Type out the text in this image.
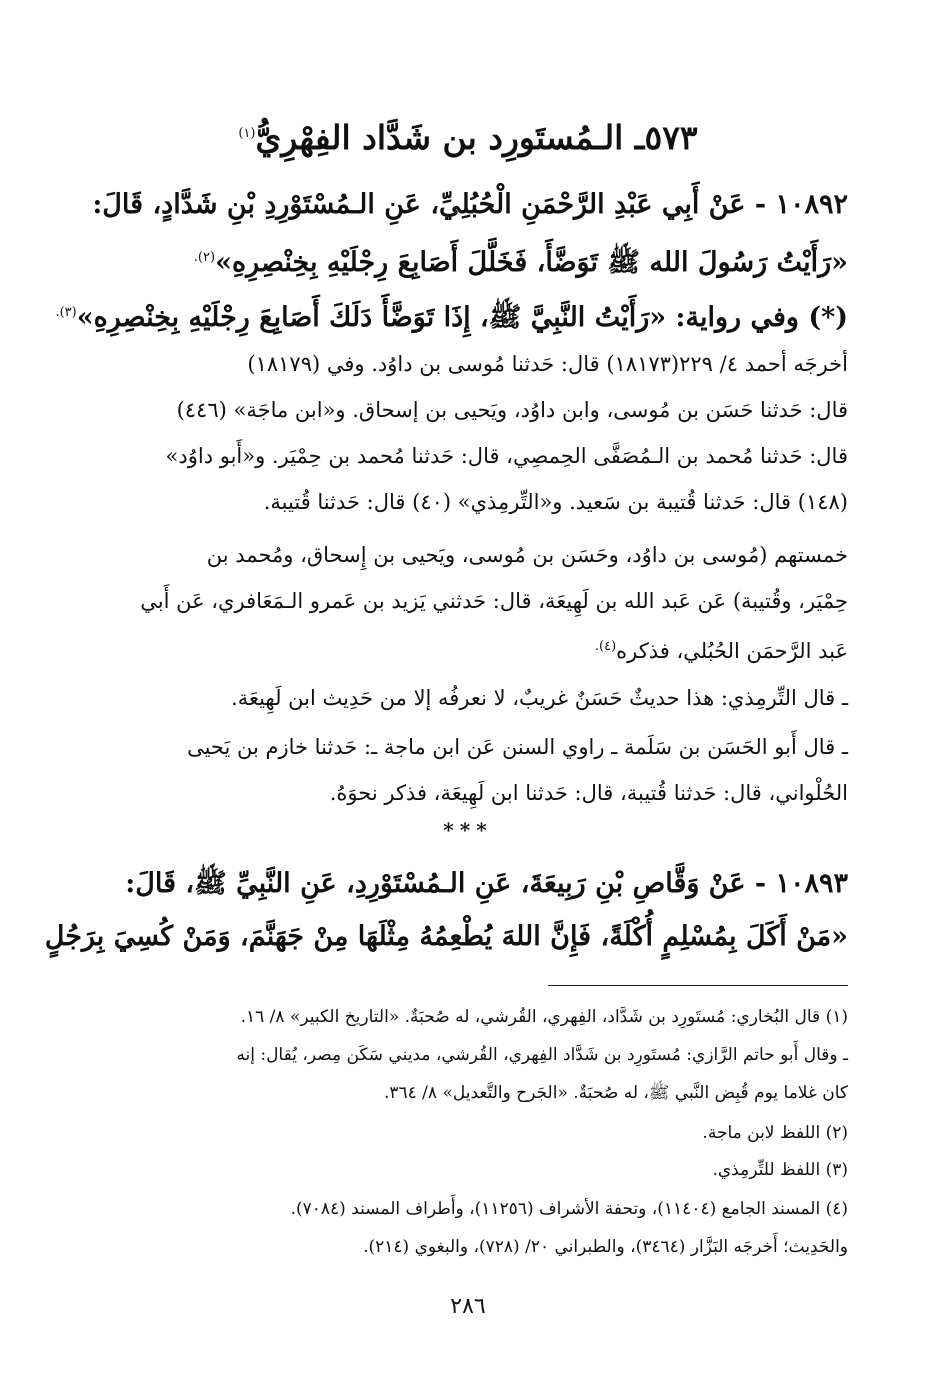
٥٧٣ـ الـمُستَورِد بن شَدَّاد الفِهْرِيُّ$^{(١)}$
١٠٨٩٢ - عَنْ أَبِي عَبْدِ الرَّحْمَنِ الْحُبُلِيِّ، عَنِ الـمُسْتَوْرِدِ بْنِ شَدَّادٍ، قَالَ:
«رَأَيْتُ رَسُولَ الله ﷺ تَوَضَّأَ، فَخَلَّلَ أَصَابِعَ رِجْلَيْهِ بِخِنْصِرِهِ»$^{(٢).}$
(*) وفي رواية: «رَأَيْتُ النَّبِيَّ ﷺ، إِذَا تَوَضَّأَ دَلَكَ أَصَابِعَ رِجْلَيْهِ بِخِنْصِرِهِ»$^{(٣).}$
أخرجَه أحمد ٤/ ٢٢٩(١٨١٧٣) قال: حَدثنا مُوسى بن داوُد. وفي (١٨١٧٩)
قال: حَدثنا حَسَن بن مُوسى، وابن داوُد، ويَحيى بن إسحاق. و«ابن ماجَة» (٤٤٦)
قال: حَدثنا مُحمد بن الـمُصَفَّى الحِمصِي، قال: حَدثنا مُحمد بن حِمْيَر. و«أَبو داوُد»
(١٤٨) قال: حَدثنا قُتيبة بن سَعيد. و«التِّرمِذي» (٤٠) قال: حَدثنا قُتيبة.
خمستهم (مُوسى بن داوُد، وحَسَن بن مُوسى، ويَحيى بن إِسحاق، ومُحمد بن
حِمْيَر، وقُتيبة) عَن عَبد الله بن لَهِيعَة، قال: حَدثني يَزيد بن عَمرو الـمَعَافري، عَن أَبي
عَبد الرَّحمَن الحُبُلي، فذكره$^{(٤).}$
ـ قال التِّرمِذي: هذا حديثٌ حَسَنٌ غريبٌ، لا نعرفُه إلا من حَدِيث ابن لَهِيعَة.
ـ قال أَبو الحَسَن بن سَلَمة ـ راوي السنن عَن ابن ماجة ـ: حَدثنا خازم بن يَحيى
الحُلْواني، قال: حَدثنا قُتيبة، قال: حَدثنا ابن لَهِيعَة، فذكر نحوَهُ.
***
١٠٨٩٣ - عَنْ وَقَّاصِ بْنِ رَبِيعَةَ، عَنِ الـمُسْتَوْرِدِ، عَنِ النَّبِيِّ ﷺ، قَالَ:
«مَنْ أَكَلَ بِمُسْلِمٍ أُكْلَةً، فَإِنَّ اللهَ يُطْعِمُهُ مِثْلَهَا مِنْ جَهَنَّمَ، وَمَنْ كُسِيَ بِرَجُلٍ
(١) قال البُخاري: مُستَورِد بن شَدَّاد، الفِهري، القُرشي، له صُحبَةٌ. «التاريخ الكبير» ٨/ ١٦.
ـ وقال أَبو حاتم الرَّازي: مُستَورِد بن شَدَّاد الفِهري، القُرشي، مديني سَكَن مِصر، يُقال: إنه
كان غلاما يوم قُبِض النَّبي ﷺ، له صُحبَةٌ. «الجَرح والتَّعديل» ٨/ ٣٦٤.
(٢) اللفظ لابن ماجة.
(٣) اللفظ للتِّرمِذي.
(٤) المسند الجامع (١١٤٠٤)، وتحفة الأشراف (١١٢٥٦)، وأَطراف المسند (٧٠٨٤).
والحَدِيث؛ أَخرجَه البَزَّار (٣٤٦٤)، والطبراني ٢٠/ (٧٢٨)، والبغوي (٢١٤).
٢٨٦
